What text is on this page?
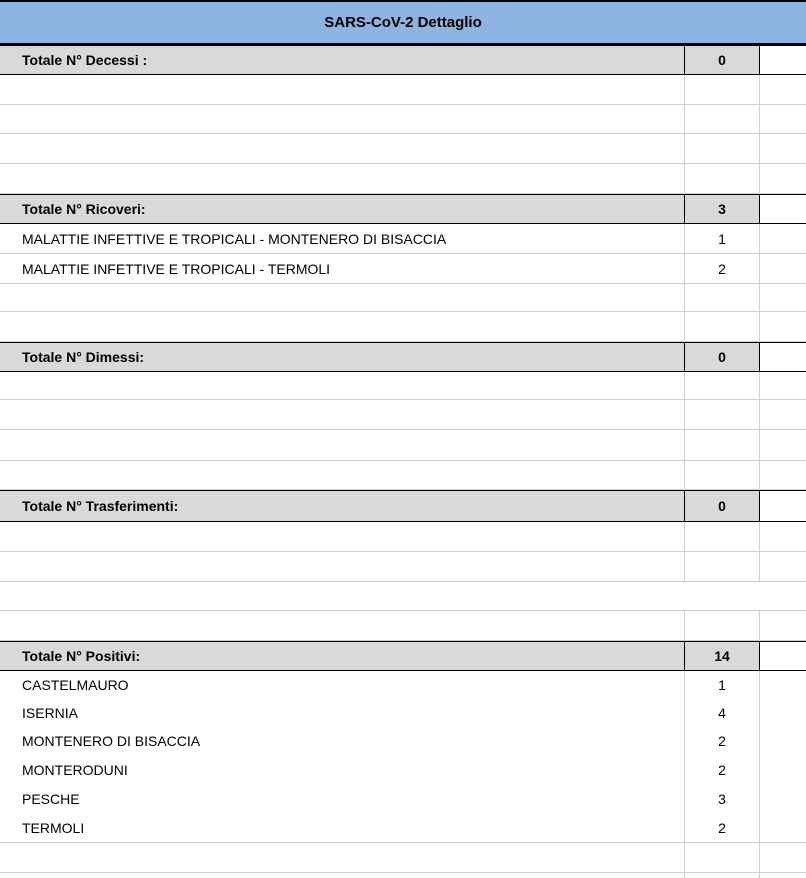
SARS-CoV-2 Dettaglio
Totale N° Decessi :	0
Totale N° Ricoveri:	3
MALATTIE INFETTIVE E TROPICALI - MONTENERO DI BISACCIA	1
MALATTIE INFETTIVE E TROPICALI - TERMOLI	2
Totale N° Dimessi:	0
Totale N° Trasferimenti:	0
Totale N° Positivi:	14
CASTELMAURO	1
ISERNIA	4
MONTENERO DI BISACCIA	2
MONTERODUNI	2
PESCHE	3
TERMOLI	2
